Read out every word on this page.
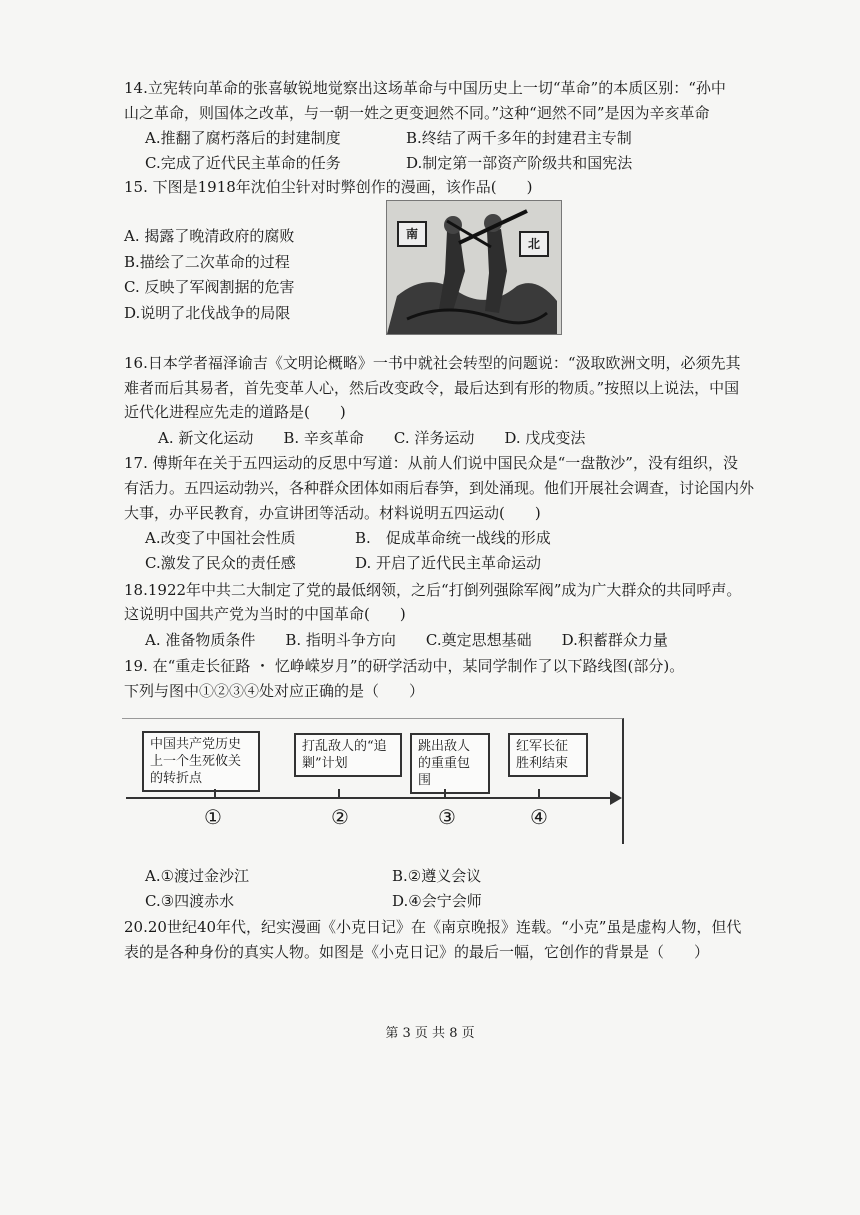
14.立宪转向革命的张喜敏锐地觉察出这场革命与中国历史上一切“革命”的本质区别：“孙中
山之革命，则国体之改革，与一朝一姓之更变迥然不同。”这种“迥然不同”是因为辛亥革命
A.推翻了腐朽落后的封建制度	B.终结了两千多年的封建君主专制
C.完成了近代民主革命的任务	D.制定第一部资产阶级共和国宪法
15. 下图是1918年沈伯尘针对时弊创作的漫画，该作品(　　)
A. 揭露了晚清政府的腐败
B.描绘了二次革命的过程
C. 反映了军阀割据的危害
D.说明了北伐战争的局限
南
北
16.日本学者福泽谕吉《文明论概略》一书中就社会转型的问题说：“汲取欧洲文明，必须先其
难者而后其易者，首先变革人心，然后改变政令，最后达到有形的物质。”按照以上说法，中国
近代化进程应先走的道路是(　　)
A. 新文化运动　　B. 辛亥革命　　C. 洋务运动　　D. 戊戌变法
17. 傅斯年在关于五四运动的反思中写道：从前人们说中国民众是“一盘散沙”，没有组织，没
有活力。五四运动勃兴，各种群众团体如雨后春笋，到处涌现。他们开展社会调查，讨论国内外
大事，办平民教育，办宣讲团等活动。材料说明五四运动(　　)
A.改变了中国社会性质	B.　促成革命统一战线的形成
C.激发了民众的责任感	D. 开启了近代民主革命运动
18.1922年中共二大制定了党的最低纲领，之后“打倒列强除军阀”成为广大群众的共同呼声。
这说明中国共产党为当时的中国革命(　　)
A. 准备物质条件　　B. 指明斗争方向　　C.奠定思想基础　　D.积蓄群众力量
19. 在“重走长征路 ・ 忆峥嵘岁月”的研学活动中，某同学制作了以下路线图(部分)。
下列与图中①②③④处对应正确的是（　　）
中国共产党历史上一个生死攸关的转折点
打乱敌人的“追剿”计划
跳出敌人的重重包围
红军长征胜利结束
①	②	③	④
A.①渡过金沙江	B.②遵义会议
C.③四渡赤水	D.④会宁会师
20.20世纪40年代，纪实漫画《小克日记》在《南京晚报》连载。“小克”虽是虚构人物，但代
表的是各种身份的真实人物。如图是《小克日记》的最后一幅，它创作的背景是（　　）
第 3 页 共 8 页
